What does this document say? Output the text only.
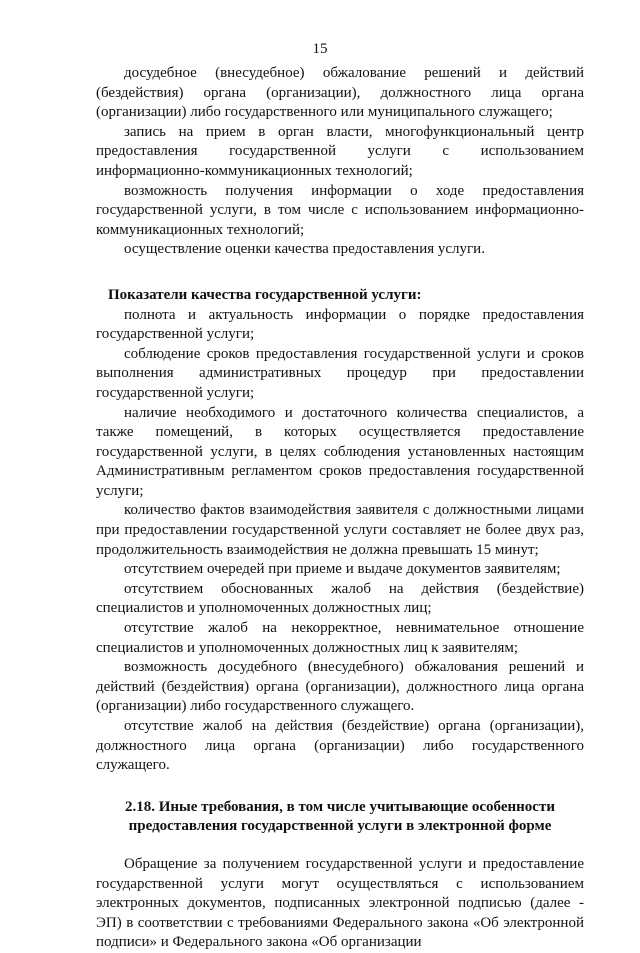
15

досудебное (внесудебное) обжалование решений и действий (бездействия) органа (организации), должностного лица органа (организации) либо государственного или муниципального служащего;

запись на прием в орган власти, многофункциональный центр предоставления государственной услуги с использованием информационно-коммуникационных технологий;

возможность получения информации о ходе предоставления государственной услуги, в том числе с использованием информационно-коммуникационных технологий;

осуществление оценки качества предоставления услуги.

Показатели качества государственной услуги:

полнота и актуальность информации о порядке предоставления государственной услуги;

соблюдение сроков предоставления государственной услуги и сроков выполнения административных процедур при предоставлении государственной услуги;

наличие необходимого и достаточного количества специалистов, а также помещений, в которых осуществляется предоставление государственной услуги, в целях соблюдения установленных настоящим Административным регламентом сроков предоставления государственной услуги;

количество фактов взаимодействия заявителя с должностными лицами при предоставлении государственной услуги составляет не более двух раз, продолжительность взаимодействия не должна превышать 15 минут;

отсутствием очередей при приеме и выдаче документов заявителям;

отсутствием обоснованных жалоб на действия (бездействие) специалистов и уполномоченных должностных лиц;

отсутствие жалоб на некорректное, невнимательное отношение специалистов и уполномоченных должностных лиц к заявителям;

возможность досудебного (внесудебного) обжалования решений и действий (бездействия) органа (организации), должностного лица органа (организации) либо государственного служащего.

отсутствие жалоб на действия (бездействие) органа (организации), должностного лица органа (организации) либо государственного служащего.

2.18. Иные требования, в том числе учитывающие особенности предоставления государственной услуги в электронной форме

Обращение за получением государственной услуги и предоставление государственной услуги могут осуществляться с использованием электронных документов, подписанных электронной подписью (далее - ЭП) в соответствии с требованиями Федерального закона «Об электронной подписи» и Федерального закона «Об организации
